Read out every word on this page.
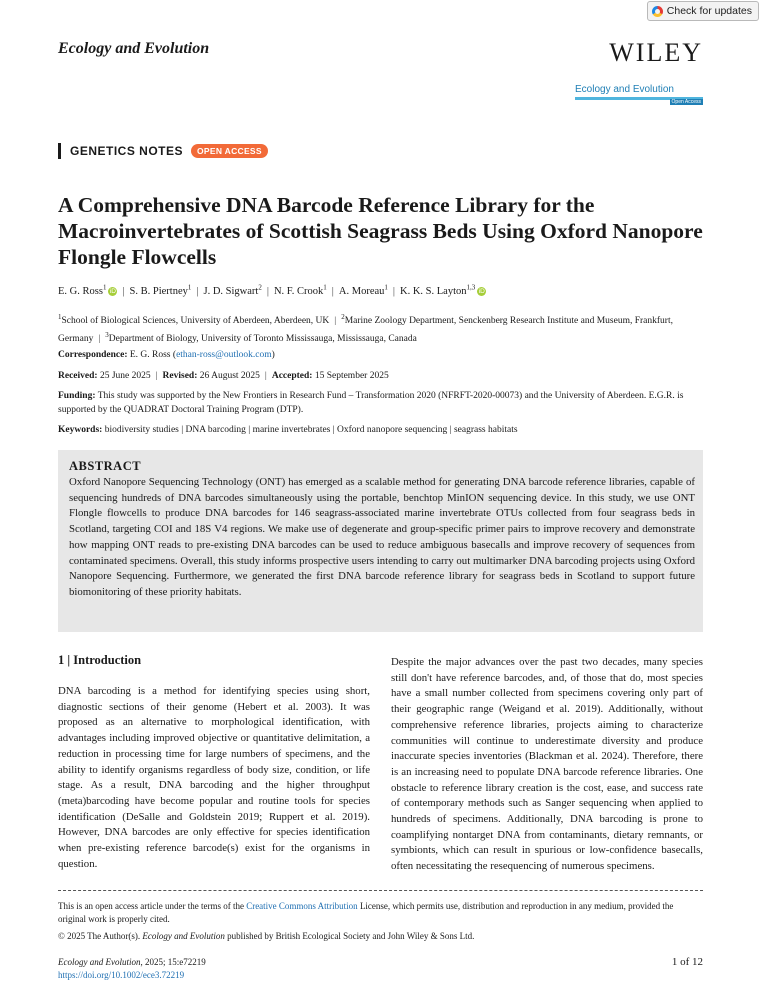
Check for updates
Ecology and Evolution	WILEY
Ecology and Evolution
Open Access
GENETICS NOTES	OPEN ACCESS
A Comprehensive DNA Barcode Reference Library for the Macroinvertebrates of Scottish Seagrass Beds Using Oxford Nanopore Flongle Flowcells
E. G. Ross$^1$ iD | S. B. Piertney$^1$ | J. D. Sigwart$^2$ | N. F. Crook$^1$ | A. Moreau$^1$ | K. K. S. Layton$^{1,3}$ iD
$^1$School of Biological Sciences, University of Aberdeen, Aberdeen, UK | $^2$Marine Zoology Department, Senckenberg Research Institute and Museum, Frankfurt, Germany | $^3$Department of Biology, University of Toronto Mississauga, Mississauga, Canada
Correspondence: E. G. Ross (ethan-ross@outlook.com)
Received: 25 June 2025 | Revised: 26 August 2025 | Accepted: 15 September 2025
Funding: This study was supported by the New Frontiers in Research Fund – Transformation 2020 (NFRFT-2020-00073) and the University of Aberdeen. E.G.R. is supported by the QUADRAT Doctoral Training Program (DTP).
Keywords: biodiversity studies | DNA barcoding | marine invertebrates | Oxford nanopore sequencing | seagrass habitats
ABSTRACT

Oxford Nanopore Sequencing Technology (ONT) has emerged as a scalable method for generating DNA barcode reference libraries, capable of sequencing hundreds of DNA barcodes simultaneously using the portable, benchtop MinION sequencing device. In this study, we use ONT Flongle flowcells to produce DNA barcodes for 146 seagrass-associated marine invertebrate OTUs collected from four seagrass beds in Scotland, targeting COI and 18S V4 regions. We make use of degenerate and group-specific primer pairs to improve recovery and demonstrate how mapping ONT reads to pre-existing DNA barcodes can be used to reduce ambiguous basecalls and improve recovery of sequences from contaminated specimens. Overall, this study informs prospective users intending to carry out multimarker DNA barcoding projects using Oxford Nanopore Sequencing. Furthermore, we generated the first DNA barcode reference library for seagrass beds in Scotland to support future biomonitoring of these priority habitats.

1 | Introduction

DNA barcoding is a method for identifying species using short, diagnostic sections of their genome (Hebert et al. 2003). It was proposed as an alternative to morphological identification, with advantages including improved objective or quantitative delimitation, a reduction in processing time for large numbers of specimens, and the ability to identify organisms regardless of body size, condition, or life stage. As a result, DNA barcoding and the higher throughput (meta)barcoding have become popular and routine tools for species identification (DeSalle and Goldstein 2019; Ruppert et al. 2019). However, DNA barcodes are only effective for species identification when pre-existing reference barcode(s) exist for the organisms in question.

Despite the major advances over the past two decades, many species still don't have reference barcodes, and, of those that do, most species have a small number collected from specimens covering only part of their geographic range (Weigand et al. 2019). Additionally, without comprehensive reference libraries, projects aiming to characterize communities will continue to underestimate diversity and produce inaccurate species inventories (Blackman et al. 2024). Therefore, there is an increasing need to populate DNA barcode reference libraries. One obstacle to reference library creation is the cost, ease, and success rate of contemporary methods such as Sanger sequencing when applied to hundreds of specimens. Additionally, DNA barcoding is prone to coamplifying nontarget DNA from contaminants, dietary remnants, or symbionts, which can result in spurious or low-confidence basecalls, often necessitating the resequencing of numerous specimens.

This is an open access article under the terms of the Creative Commons Attribution License, which permits use, distribution and reproduction in any medium, provided the original work is properly cited.
© 2025 The Author(s). Ecology and Evolution published by British Ecological Society and John Wiley & Sons Ltd.
Ecology and Evolution, 2025; 15:e72219
https://doi.org/10.1002/ece3.72219
1 of 12
